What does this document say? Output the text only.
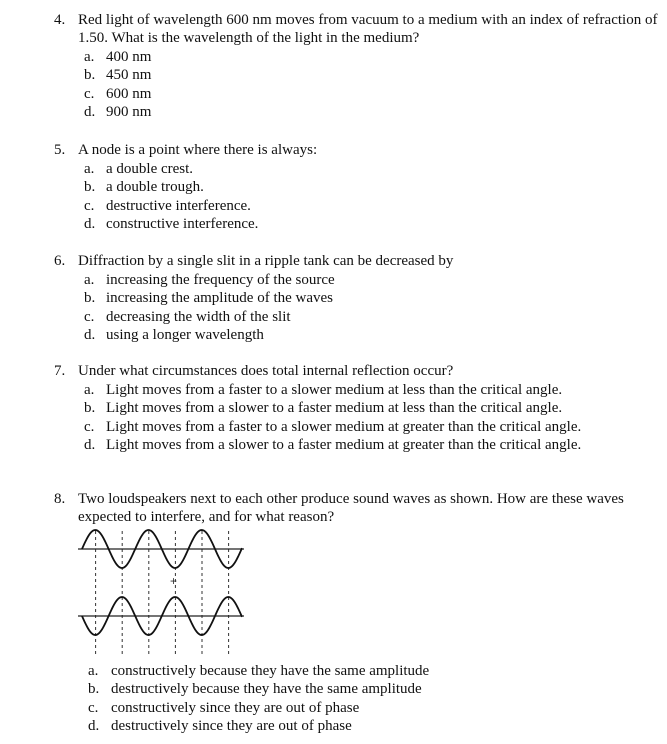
4. Red light of wavelength 600 nm moves from vacuum to a medium with an index of refraction of 1.50. What is the wavelength of the light in the medium?
a. 400 nm
b. 450 nm
c. 600 nm
d. 900 nm
5. A node is a point where there is always:
a. a double crest.
b. a double trough.
c. destructive interference.
d. constructive interference.
6. Diffraction by a single slit in a ripple tank can be decreased by
a. increasing the frequency of the source
b. increasing the amplitude of the waves
c. decreasing the width of the slit
d. using a longer wavelength
7. Under what circumstances does total internal reflection occur?
a. Light moves from a faster to a slower medium at less than the critical angle.
b. Light moves from a slower to a faster medium at less than the critical angle.
c. Light moves from a faster to a slower medium at greater than the critical angle.
d. Light moves from a slower to a faster medium at greater than the critical angle.
8. Two loudspeakers next to each other produce sound waves as shown. How are these waves expected to interfere, and for what reason?
a. constructively because they have the same amplitude
b. destructively because they have the same amplitude
c. constructively since they are out of phase
d. destructively since they are out of phase
+
